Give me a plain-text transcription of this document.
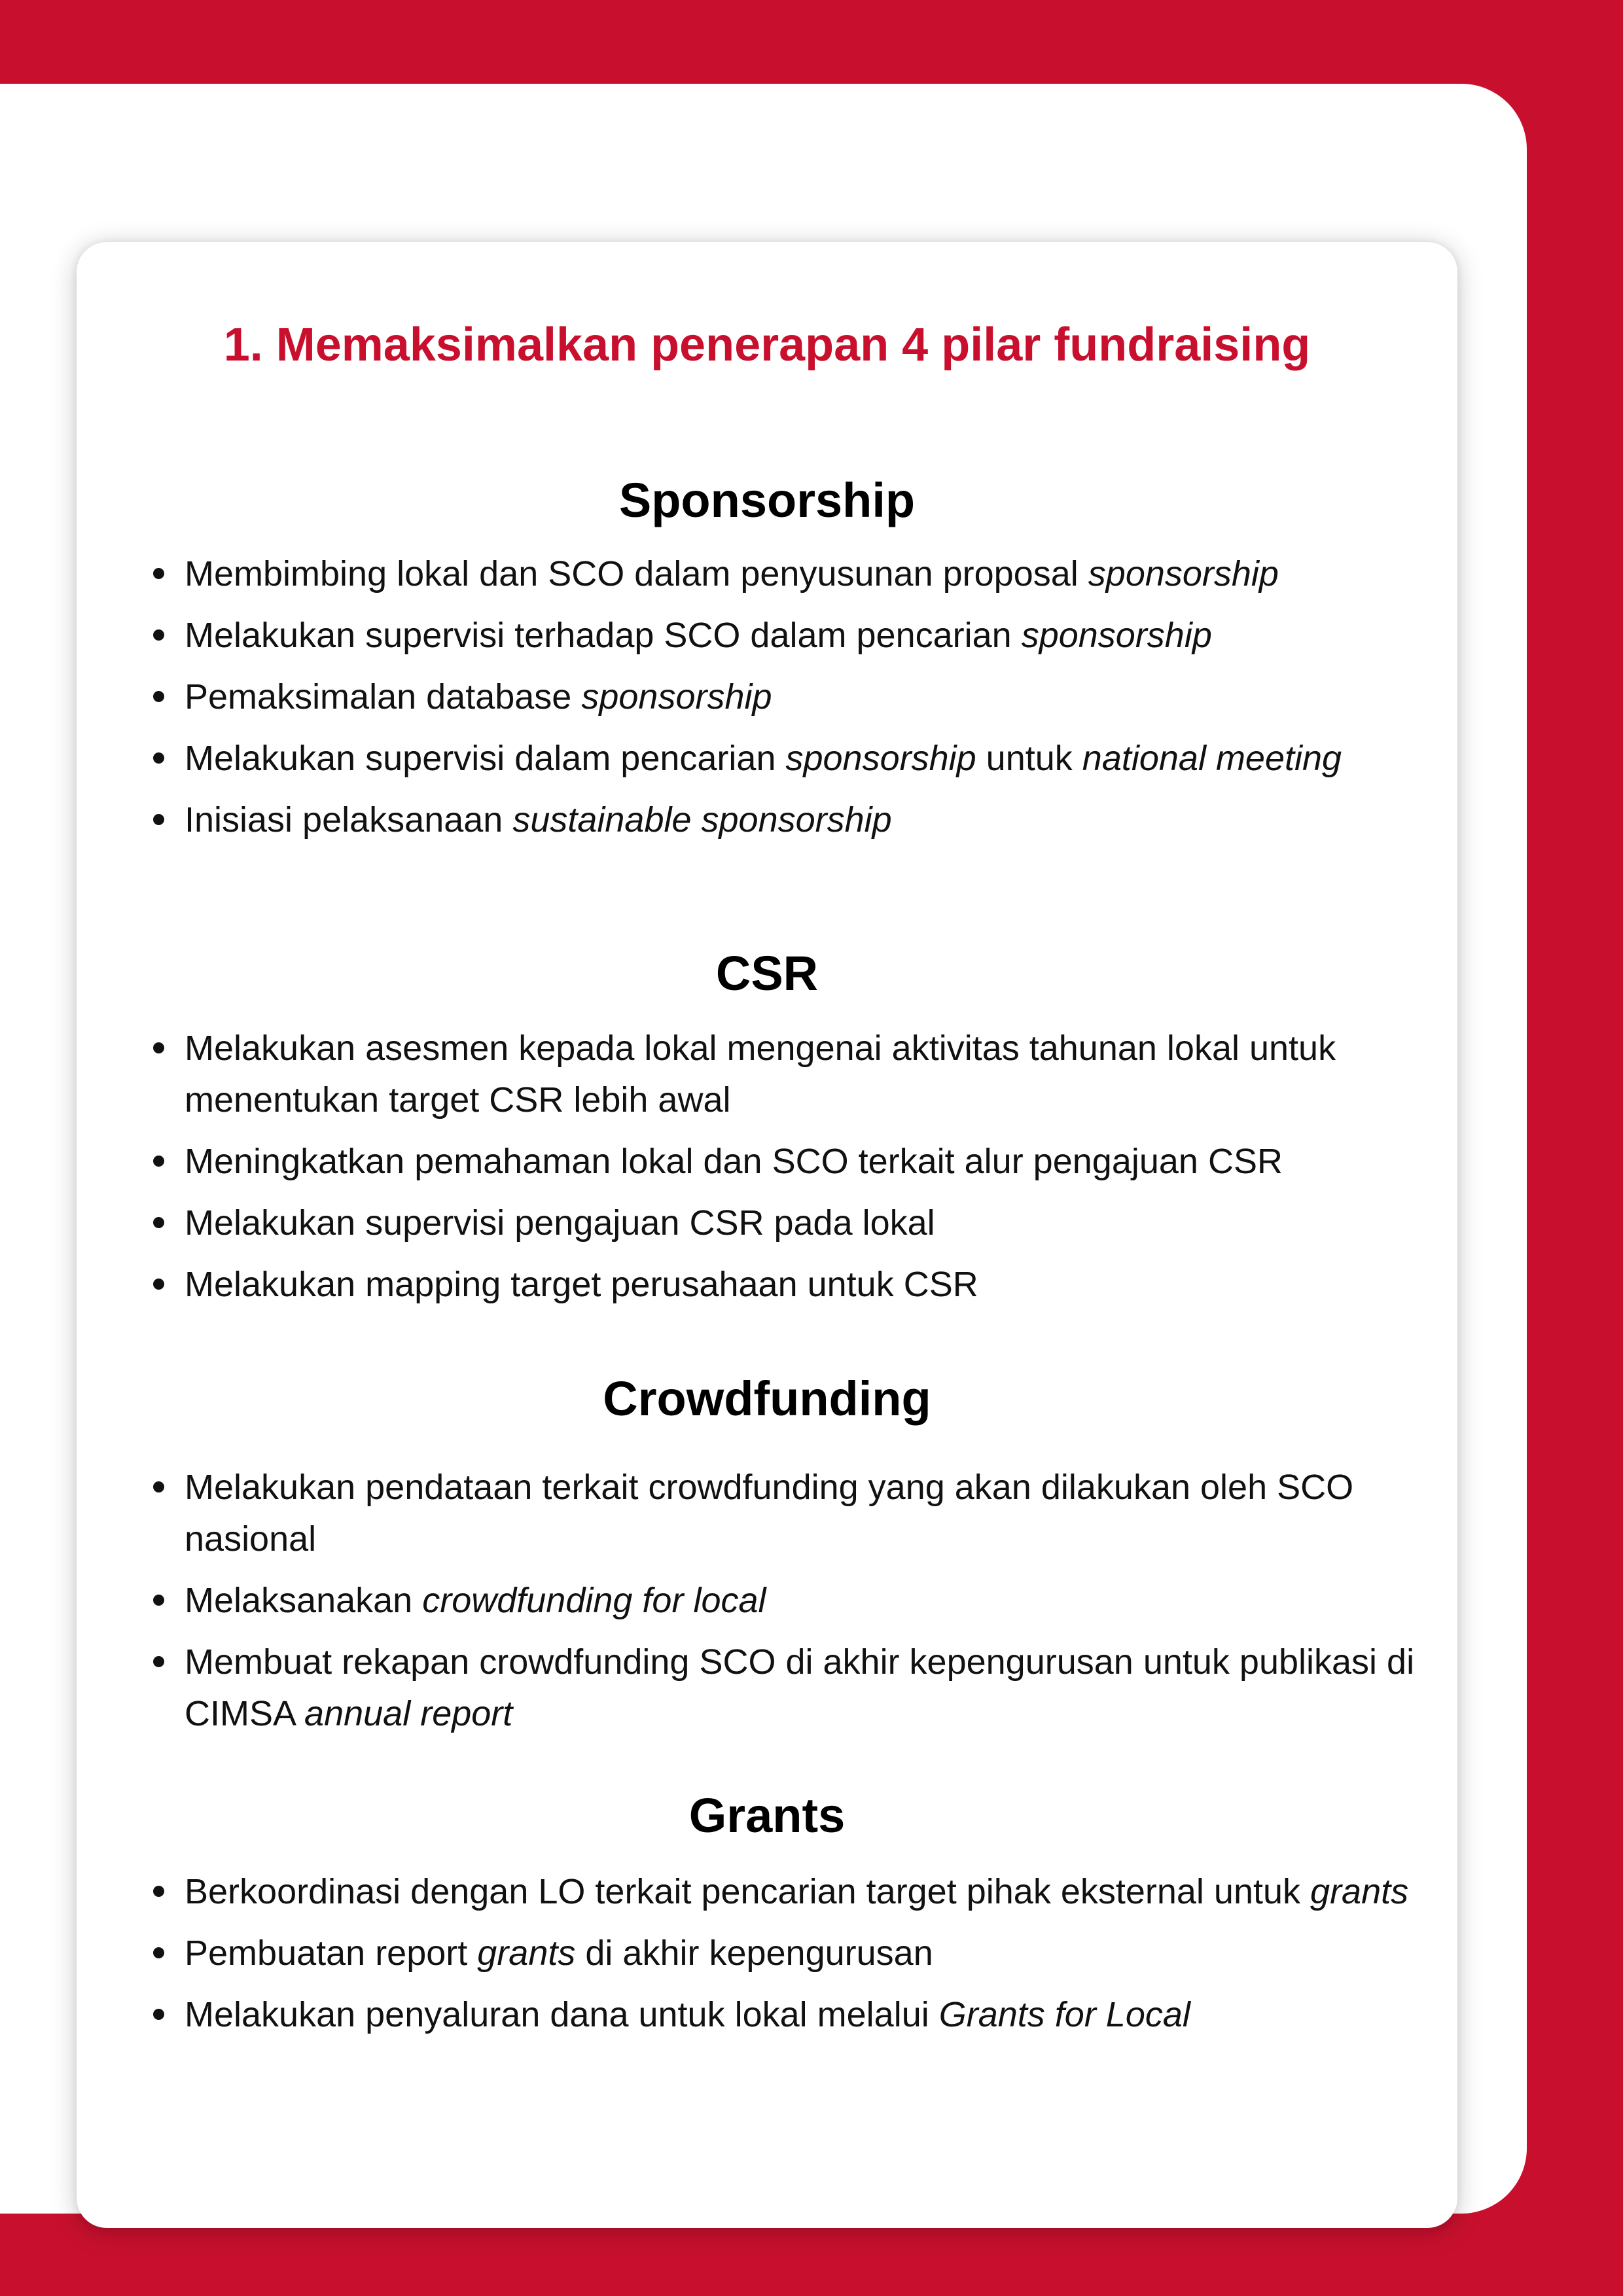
1. Memaksimalkan penerapan 4 pilar fundraising
Sponsorship
Membimbing lokal dan SCO dalam penyusunan proposal sponsorship
Melakukan supervisi terhadap SCO dalam pencarian sponsorship
Pemaksimalan database sponsorship
Melakukan supervisi dalam pencarian sponsorship untuk national meeting
Inisiasi pelaksanaan sustainable sponsorship
CSR
Melakukan asesmen kepada lokal mengenai aktivitas tahunan lokal untuk menentukan target CSR lebih awal
Meningkatkan pemahaman lokal dan SCO terkait alur pengajuan CSR
Melakukan supervisi pengajuan CSR pada lokal
Melakukan mapping target perusahaan untuk CSR
Crowdfunding
Melakukan pendataan terkait crowdfunding yang akan dilakukan oleh SCO nasional
Melaksanakan crowdfunding for local
Membuat rekapan crowdfunding SCO di akhir kepengurusan untuk publikasi di CIMSA annual report
Grants
Berkoordinasi dengan LO terkait pencarian target pihak eksternal untuk grants
Pembuatan report grants di akhir kepengurusan
Melakukan penyaluran dana untuk lokal melalui Grants for Local
